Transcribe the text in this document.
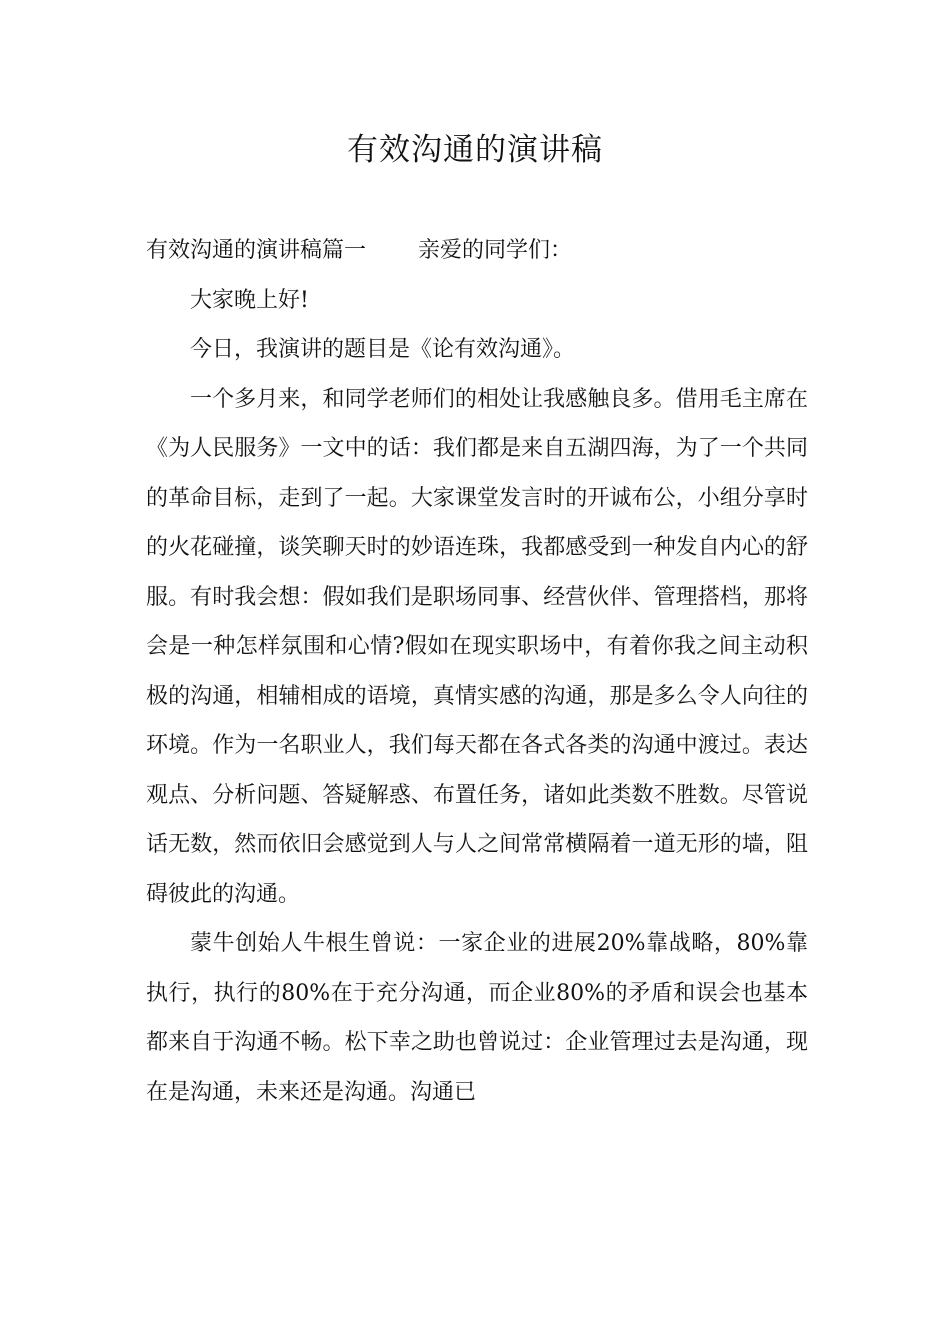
有效沟通的演讲稿

有效沟通的演讲稿篇一 亲爱的同学们：

大家晚上好!

今日，我演讲的题目是《论有效沟通》。

一个多月来，和同学老师们的相处让我感触良多。借用毛主席在《为人民服务》一文中的话：我们都是来自五湖四海，为了一个共同的革命目标，走到了一起。大家课堂发言时的开诚布公，小组分享时的火花碰撞，谈笑聊天时的妙语连珠，我都感受到一种发自内心的舒服。有时我会想：假如我们是职场同事、经营伙伴、管理搭档，那将会是一种怎样氛围和心情?假如在现实职场中，有着你我之间主动积极的沟通，相辅相成的语境，真情实感的沟通，那是多么令人向往的环境。作为一名职业人，我们每天都在各式各类的沟通中渡过。表达观点、分析问题、答疑解惑、布置任务，诸如此类数不胜数。尽管说话无数，然而依旧会感觉到人与人之间常常横隔着一道无形的墙，阻碍彼此的沟通。

蒙牛创始人牛根生曾说：一家企业的进展20%靠战略，80%靠执行，执行的80%在于充分沟通，而企业80%的矛盾和误会也基本都来自于沟通不畅。松下幸之助也曾说过：企业管理过去是沟通，现在是沟通，未来还是沟通。沟通已
